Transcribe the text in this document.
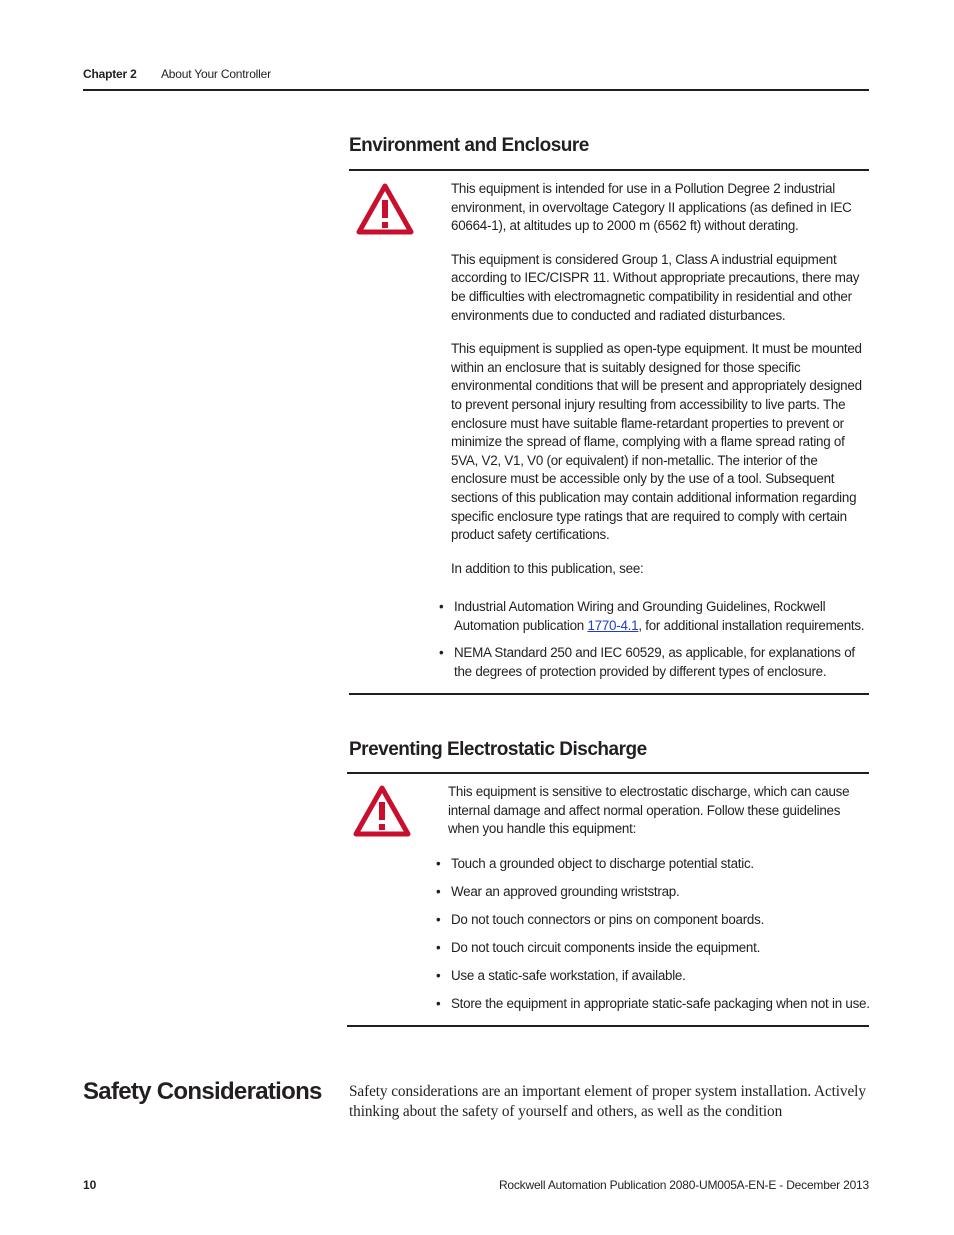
Chapter 2 About Your Controller
Environment and Enclosure

This equipment is intended for use in a Pollution Degree 2 industrial environment, in overvoltage Category II applications (as defined in IEC 60664-1), at altitudes up to 2000 m (6562 ft) without derating.

This equipment is considered Group 1, Class A industrial equipment according to IEC/CISPR 11. Without appropriate precautions, there may be difficulties with electromagnetic compatibility in residential and other environments due to conducted and radiated disturbances.

This equipment is supplied as open-type equipment. It must be mounted within an enclosure that is suitably designed for those specific environmental conditions that will be present and appropriately designed to prevent personal injury resulting from accessibility to live parts. The enclosure must have suitable flame-retardant properties to prevent or minimize the spread of flame, complying with a flame spread rating of 5VA, V2, V1, V0 (or equivalent) if non-metallic. The interior of the enclosure must be accessible only by the use of a tool. Subsequent sections of this publication may contain additional information regarding specific enclosure type ratings that are required to comply with certain product safety certifications.

In addition to this publication, see:

• Industrial Automation Wiring and Grounding Guidelines, Rockwell Automation publication 1770-4.1, for additional installation requirements.
• NEMA Standard 250 and IEC 60529, as applicable, for explanations of the degrees of protection provided by different types of enclosure.
Preventing Electrostatic Discharge

This equipment is sensitive to electrostatic discharge, which can cause internal damage and affect normal operation. Follow these guidelines when you handle this equipment:

• Touch a grounded object to discharge potential static.
• Wear an approved grounding wriststrap.
• Do not touch connectors or pins on component boards.
• Do not touch circuit components inside the equipment.
• Use a static-safe workstation, if available.
• Store the equipment in appropriate static-safe packaging when not in use.
Safety Considerations Safety considerations are an important element of proper system installation. Actively thinking about the safety of yourself and others, as well as the condition
10	Rockwell Automation Publication 2080-UM005A-EN-E - December 2013
